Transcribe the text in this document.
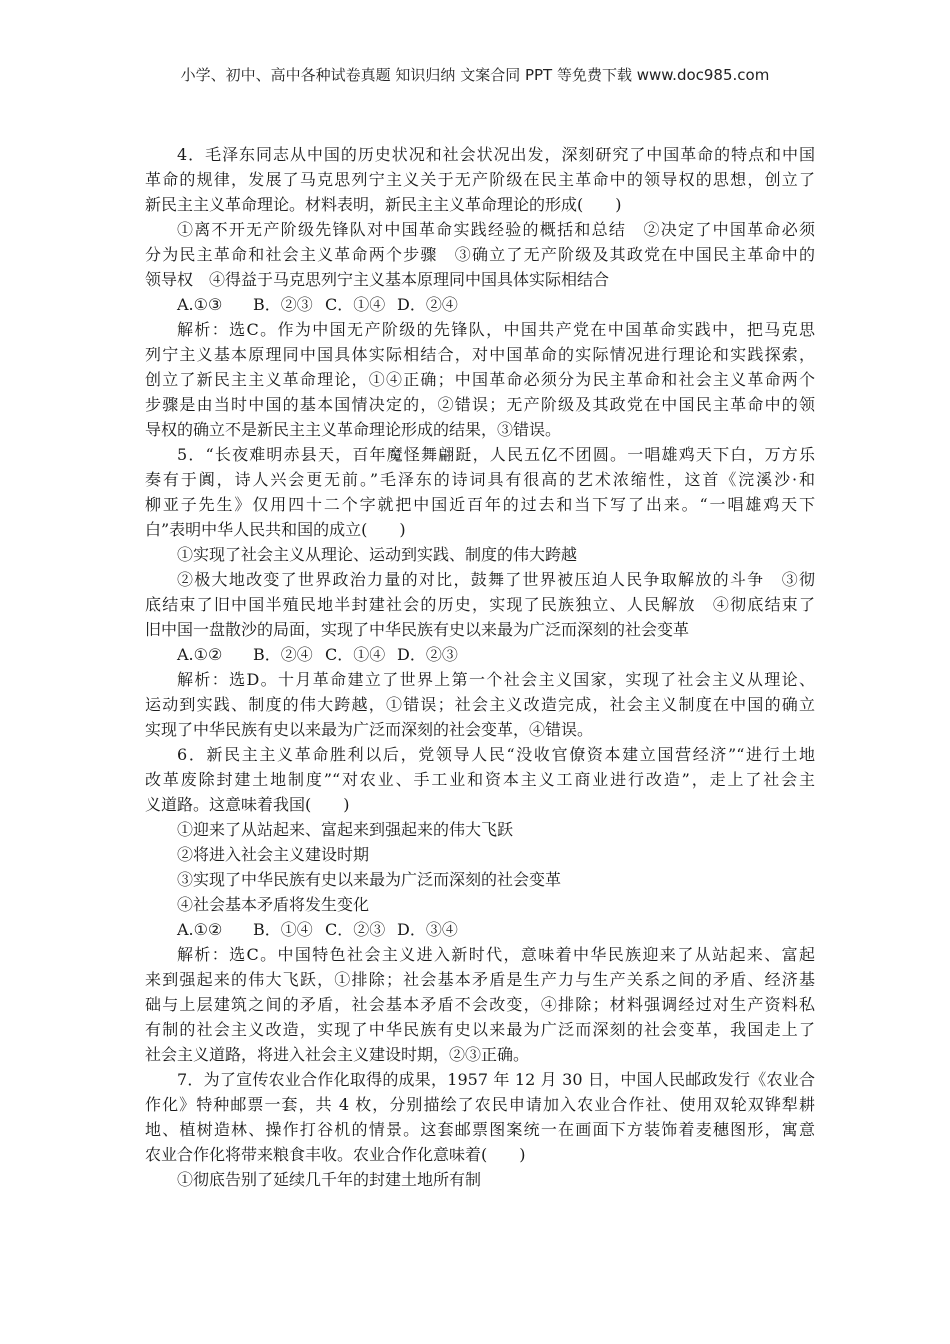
小学、初中、高中各种试卷真题 知识归纳 文案合同 PPT 等免费下载 www.doc985.com
4．毛泽东同志从中国的历史状况和社会状况出发，深刻研究了中国革命的特点和中国
革命的规律，发展了马克思列宁主义关于无产阶级在民主革命中的领导权的思想，创立了
新民主主义革命理论。材料表明，新民主主义革命理论的形成(　　)
①离不开无产阶级先锋队对中国革命实践经验的概括和总结　②决定了中国革命必须
分为民主革命和社会主义革命两个步骤　③确立了无产阶级及其政党在中国民主革命中的
领导权　④得益于马克思列宁主义基本原理同中国具体实际相结合
A.①③ B．②③ C．①④ D．②④
解析：选C。作为中国无产阶级的先锋队，中国共产党在中国革命实践中，把马克思
列宁主义基本原理同中国具体实际相结合，对中国革命的实际情况进行理论和实践探索，
创立了新民主主义革命理论，①④正确；中国革命必须分为民主革命和社会主义革命两个
步骤是由当时中国的基本国情决定的，②错误；无产阶级及其政党在中国民主革命中的领
导权的确立不是新民主主义革命理论形成的结果，③错误。
5．“长夜难明赤县天，百年魔怪舞翩跹，人民五亿不团圆。一唱雄鸡天下白，万方乐
奏有于阗，诗人兴会更无前。”毛泽东的诗词具有很高的艺术浓缩性，这首《浣溪沙·和
柳亚子先生》仅用四十二个字就把中国近百年的过去和当下写了出来。“一唱雄鸡天下
白”表明中华人民共和国的成立(　　)
①实现了社会主义从理论、运动到实践、制度的伟大跨越
②极大地改变了世界政治力量的对比，鼓舞了世界被压迫人民争取解放的斗争　③彻
底结束了旧中国半殖民地半封建社会的历史，实现了民族独立、人民解放　④彻底结束了
旧中国一盘散沙的局面，实现了中华民族有史以来最为广泛而深刻的社会变革
A.①② B．②④ C．①④ D．②③
解析：选D。十月革命建立了世界上第一个社会主义国家，实现了社会主义从理论、
运动到实践、制度的伟大跨越，①错误；社会主义改造完成，社会主义制度在中国的确立
实现了中华民族有史以来最为广泛而深刻的社会变革，④错误。
6．新民主主义革命胜利以后，党领导人民“没收官僚资本建立国营经济”“进行土地
改革废除封建土地制度”“对农业、手工业和资本主义工商业进行改造”，走上了社会主
义道路。这意味着我国(　　)
①迎来了从站起来、富起来到强起来的伟大飞跃
②将进入社会主义建设时期
③实现了中华民族有史以来最为广泛而深刻的社会变革
④社会基本矛盾将发生变化
A.①② B．①④ C．②③ D．③④
解析：选C。中国特色社会主义进入新时代，意味着中华民族迎来了从站起来、富起
来到强起来的伟大飞跃，①排除；社会基本矛盾是生产力与生产关系之间的矛盾、经济基
础与上层建筑之间的矛盾，社会基本矛盾不会改变，④排除；材料强调经过对生产资料私
有制的社会主义改造，实现了中华民族有史以来最为广泛而深刻的社会变革，我国走上了
社会主义道路，将进入社会主义建设时期，②③正确。
7．为了宣传农业合作化取得的成果，1957 年 12 月 30 日，中国人民邮政发行《农业合
作化》特种邮票一套，共 4 枚，分别描绘了农民申请加入农业合作社、使用双轮双铧犁耕
地、植树造林、操作打谷机的情景。这套邮票图案统一在画面下方装饰着麦穗图形，寓意
农业合作化将带来粮食丰收。农业合作化意味着(　　)
①彻底告别了延续几千年的封建土地所有制
